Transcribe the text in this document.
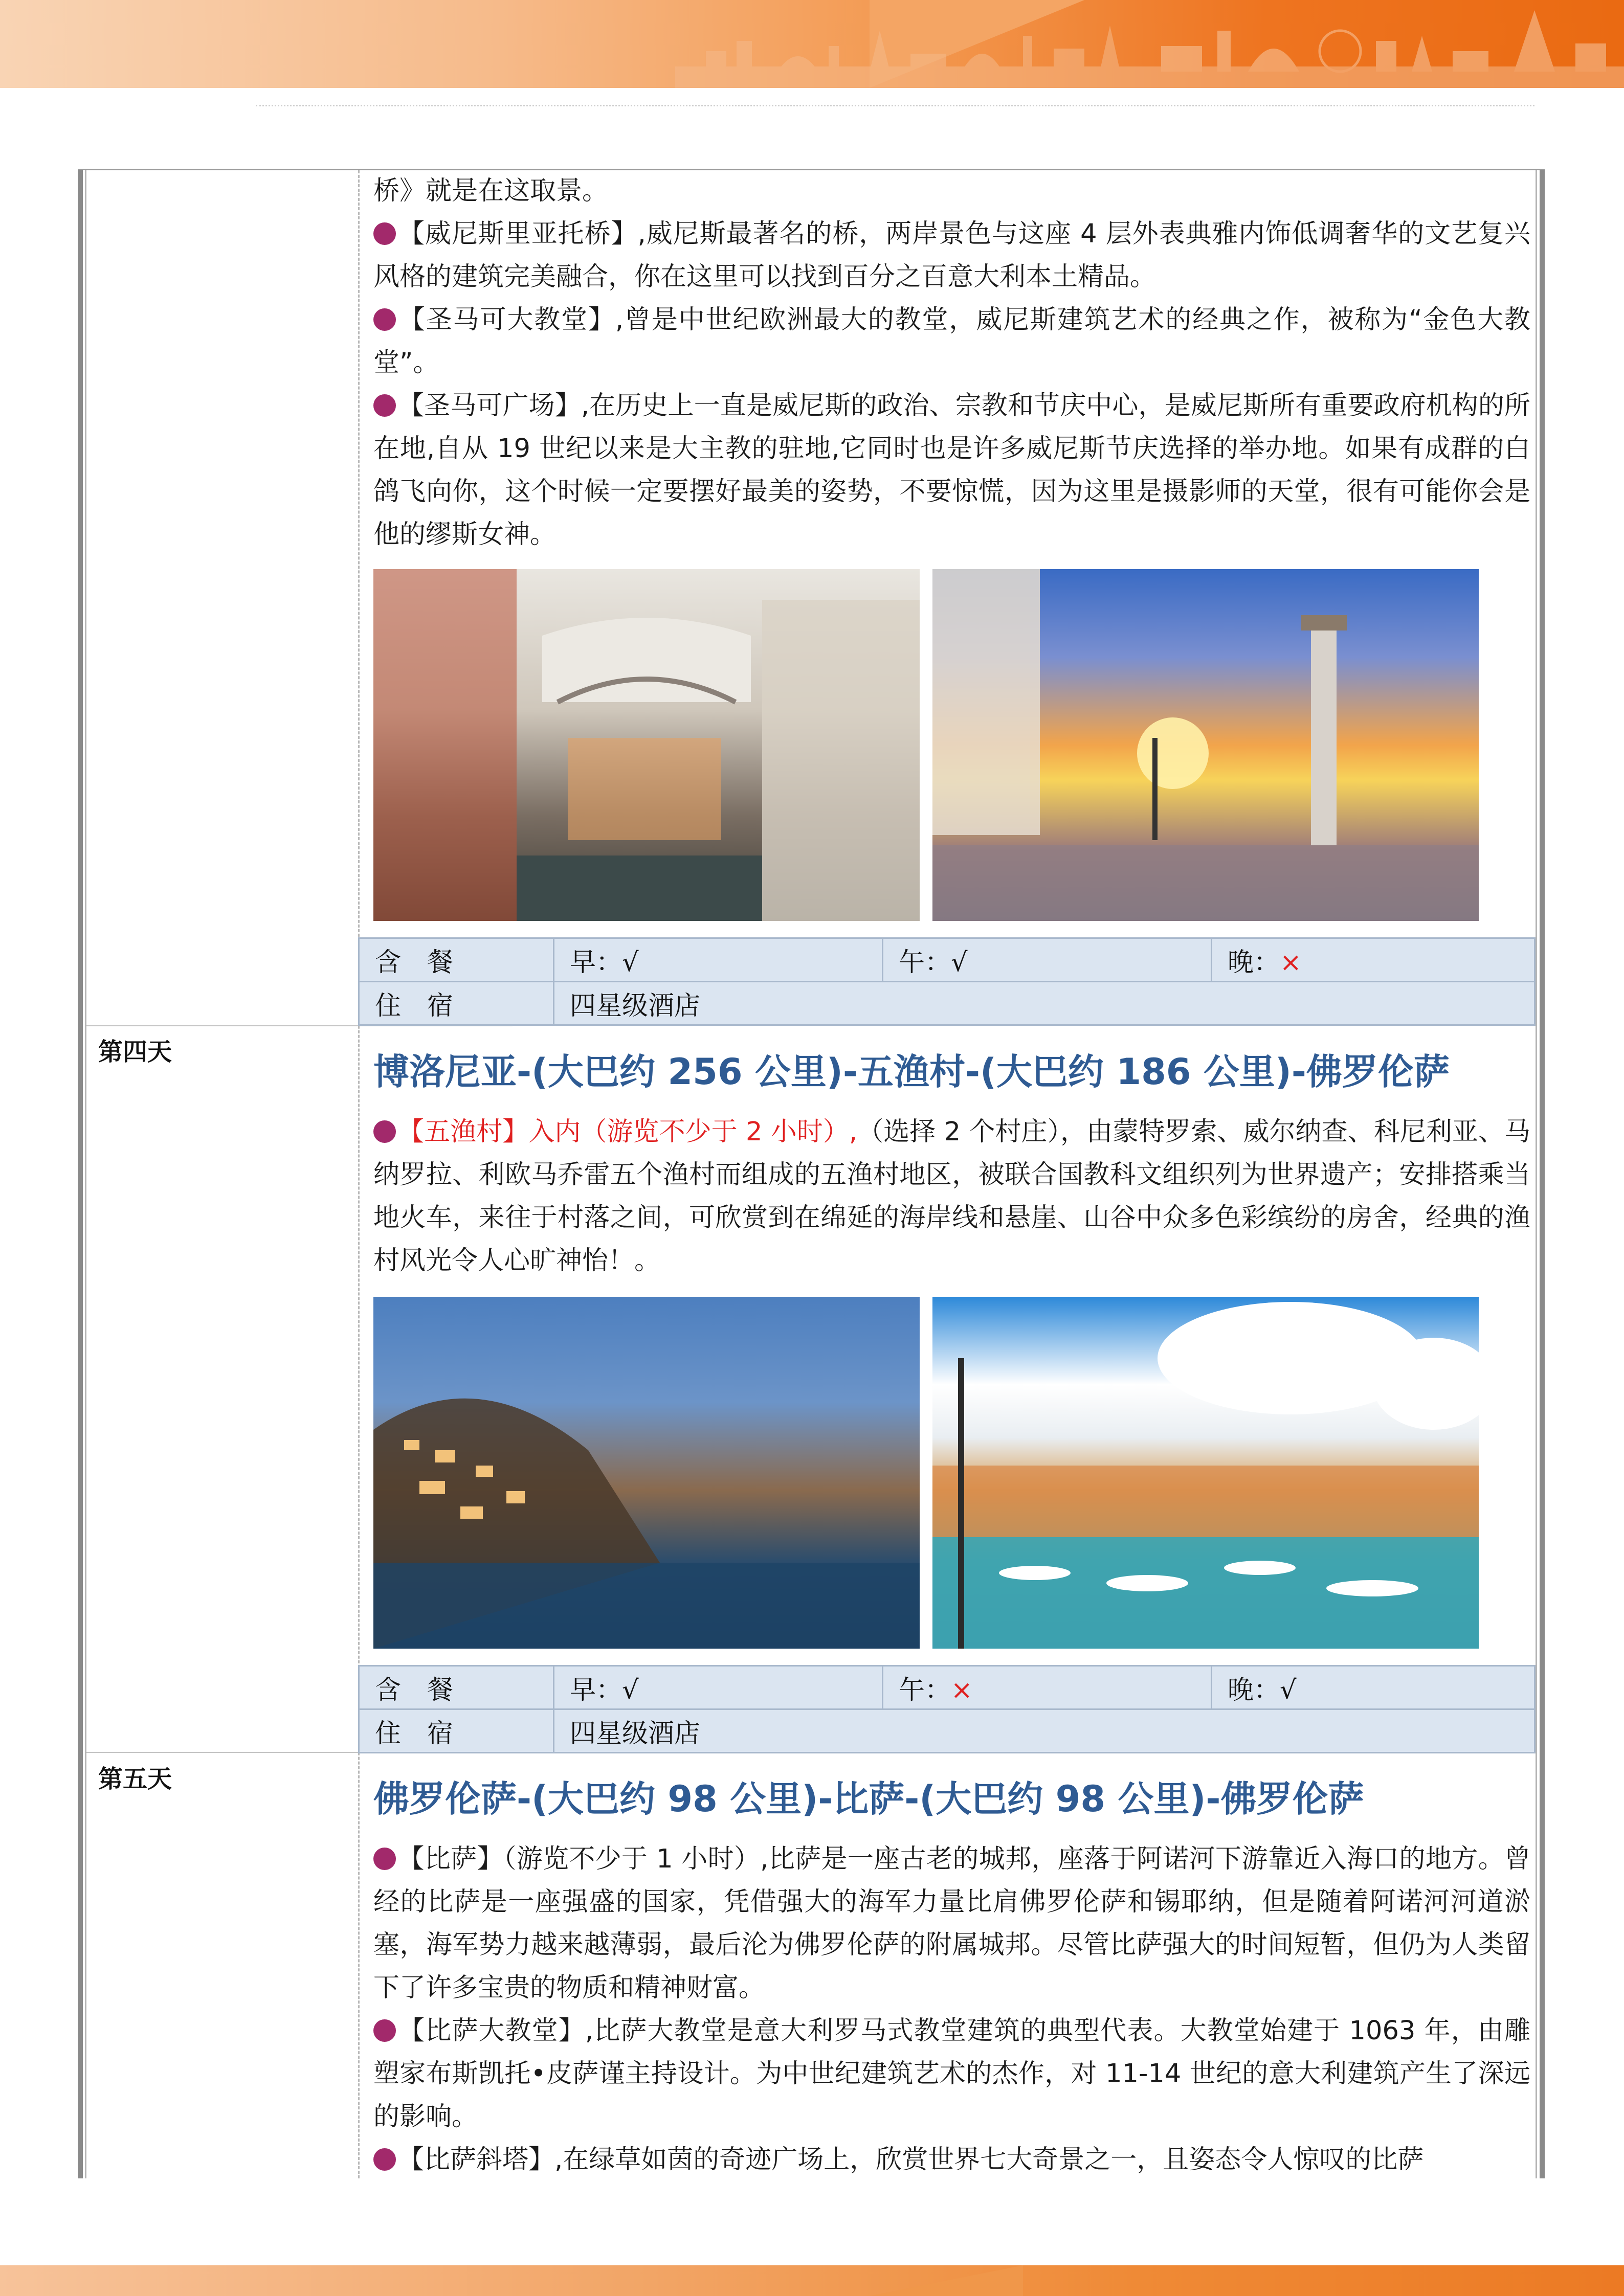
桥》就是在这取景。

【威尼斯里亚托桥】,威尼斯最著名的桥，两岸景色与这座 4 层外表典雅内饰低调奢华的文艺复兴风格的建筑完美融合，你在这里可以找到百分之百意大利本土精品。

【圣马可大教堂】,曾是中世纪欧洲最大的教堂，威尼斯建筑艺术的经典之作，被称为“金色大教堂”。

【圣马可广场】,在历史上一直是威尼斯的政治、宗教和节庆中心，是威尼斯所有重要政府机构的所在地,自从 19 世纪以来是大主教的驻地,它同时也是许多威尼斯节庆选择的举办地。如果有成群的白鸽飞向你，这个时候一定要摆好最美的姿势，不要惊慌，因为这里是摄影师的天堂，很有可能你会是他的缪斯女神。

含　餐	早：√	午：√	晚：×
住　宿	四星级酒店		
第四天	博洛尼亚-(大巴约 256 公里)-五渔村-(大巴约 186 公里)-佛罗伦萨

【五渔村】入内（游览不少于 2 小时）,（选择 2 个村庄），由蒙特罗索、威尔纳查、科尼利亚、马纳罗拉、利欧马乔雷五个渔村而组成的五渔村地区，被联合国教科文组织列为世界遗产；安排搭乘当地火车，来往于村落之间，可欣赏到在绵延的海岸线和悬崖、山谷中众多色彩缤纷的房舍，经典的渔村风光令人心旷神怡！。

含　餐	早：√	午：×	晚：√
住　宿	四星级酒店		
第五天	佛罗伦萨-(大巴约 98 公里)-比萨-(大巴约 98 公里)-佛罗伦萨

【比萨】（游览不少于 1 小时）,比萨是一座古老的城邦，座落于阿诺河下游靠近入海口的地方。曾经的比萨是一座强盛的国家，凭借强大的海军力量比肩佛罗伦萨和锡耶纳，但是随着阿诺河河道淤塞，海军势力越来越薄弱，最后沦为佛罗伦萨的附属城邦。尽管比萨强大的时间短暂，但仍为人类留下了许多宝贵的物质和精神财富。

【比萨大教堂】,比萨大教堂是意大利罗马式教堂建筑的典型代表。大教堂始建于 1063 年，由雕塑家布斯凯托•皮萨谨主持设计。为中世纪建筑艺术的杰作，对 11-14 世纪的意大利建筑产生了深远的影响。

【比萨斜塔】,在绿草如茵的奇迹广场上，欣赏世界七大奇景之一，且姿态令人惊叹的比萨
